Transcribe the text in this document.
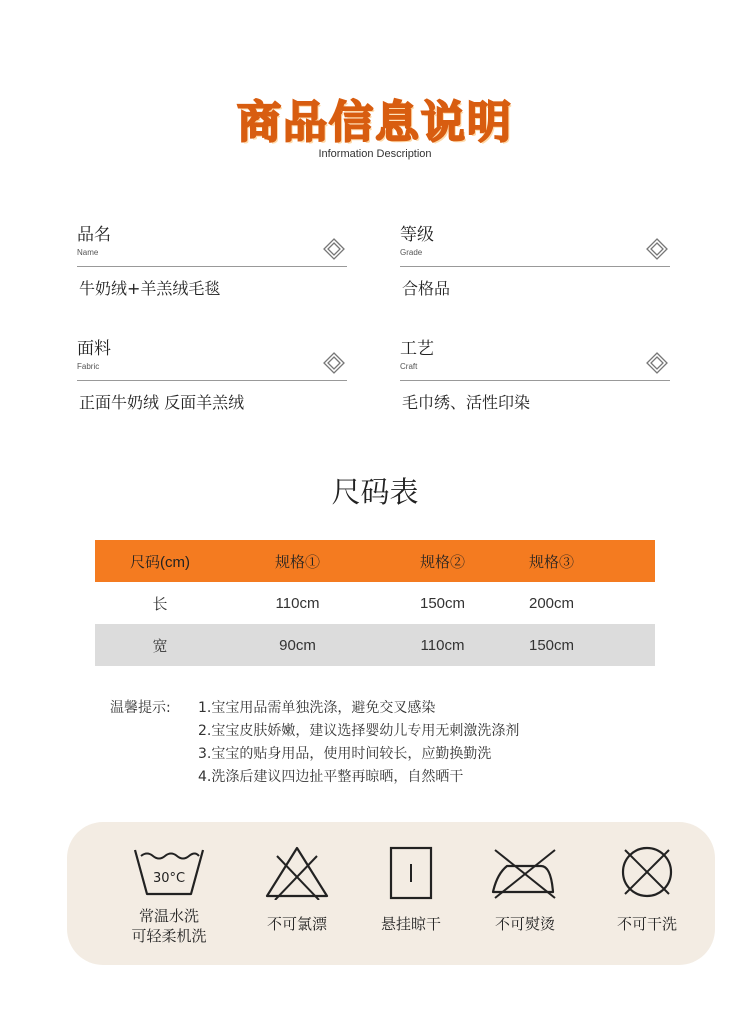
商品信息说明
Information Description
品名
Name
牛奶绒+羊羔绒毛毯
等级
Grade
合格品
面料
Fabric
正面牛奶绒 反面羊羔绒
工艺
Craft
毛巾绣、活性印染
尺码表
尺码(cm)	规格①	规格②	规格③
长	110cm	150cm	200cm
宽	90cm	110cm	150cm
温馨提示: 1.宝宝用品需单独洗涤，避免交叉感染
2.宝宝皮肤娇嫩，建议选择婴幼儿专用无刺激洗涤剂
3.宝宝的贴身用品，使用时间较长，应勤换勤洗
4.洗涤后建议四边扯平整再晾晒，自然晒干
30°C
常温水洗
可轻柔机洗
不可氯漂	悬挂晾干	不可熨烫	不可干洗
